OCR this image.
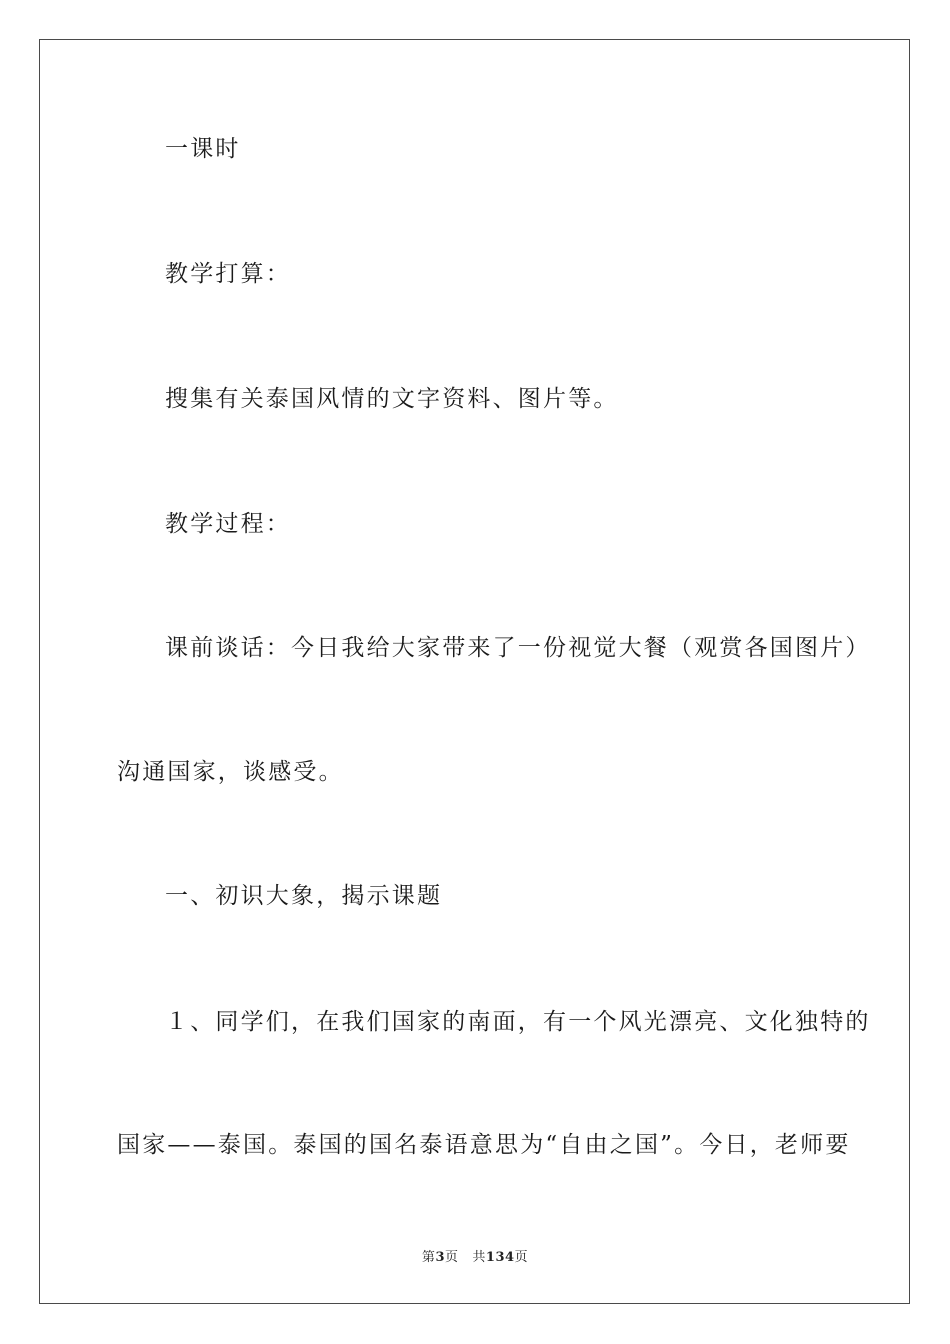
一课时
教学打算：
搜集有关泰国风情的文字资料、图片等。
教学过程：
课前谈话：今日我给大家带来了一份视觉大餐（观赏各国图片）
沟通国家，谈感受。
一、初识大象，揭示课题
１、同学们，在我们国家的南面，有一个风光漂亮、文化独特的
国家——泰国。泰国的国名泰语意思为“自由之国”。今日，老师要
第3页 共134页
